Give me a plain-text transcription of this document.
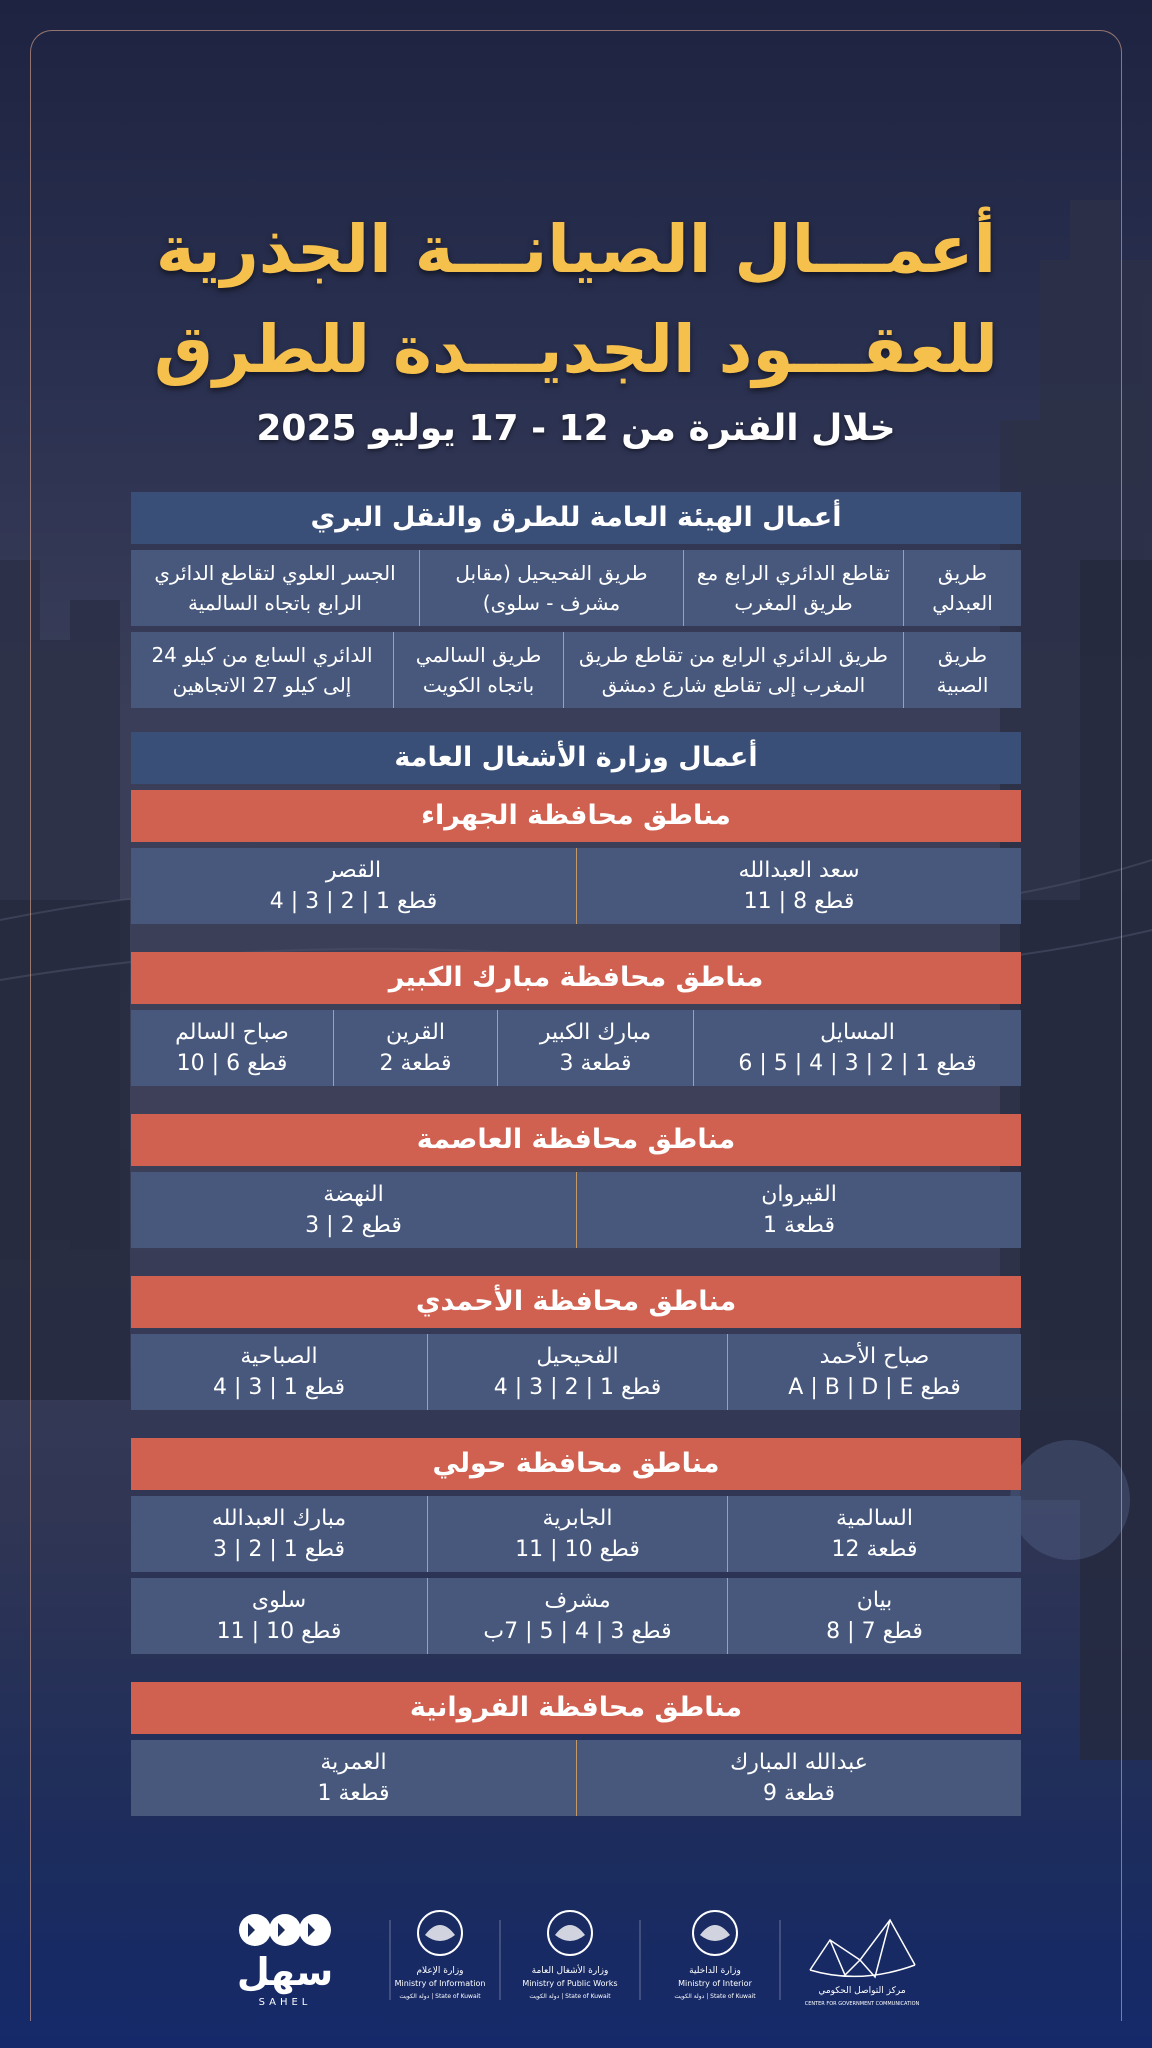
أعمـــال الصيانـــة الجذرية
للعقـــود الجديـــدة للطرق
خلال الفترة من 12 - 17 يوليو 2025
أعمال الهيئة العامة للطرق والنقل البري
طريق العبدلي
تقاطع الدائري الرابع مع طريق المغرب
طريق الفحيحيل (مقابل مشرف - سلوى)
الجسر العلوي لتقاطع الدائري الرابع باتجاه السالمية
طريق الصبية
طريق الدائري الرابع من تقاطع طريق المغرب إلى تقاطع شارع دمشق
طريق السالمي باتجاه الكويت
الدائري السابع من كيلو 24 إلى كيلو 27 الاتجاهين
أعمال وزارة الأشغال العامة
مناطق محافظة الجهراء
سعد العبدالله
قطع 8 | 11
القصر
قطع 1 | 2 | 3 | 4
مناطق محافظة مبارك الكبير
المسايل
قطع 1 | 2 | 3 | 4 | 5 | 6
مبارك الكبير
قطعة 3
القرين
قطعة 2
صباح السالم
قطع 6 | 10
مناطق محافظة العاصمة
القيروان
قطعة 1
النهضة
قطع 2 | 3
مناطق محافظة الأحمدي
صباح الأحمد
قطع A | B | D | E
الفحيحيل
قطع 1 | 2 | 3 | 4
الصباحية
قطع 1 | 3 | 4
مناطق محافظة حولي
السالمية
قطعة 12
الجابرية
قطع 10 | 11
مبارك العبدالله
قطع 1 | 2 | 3
بيان
قطع 7 | 8
مشرف
قطع 3 | 4 | 5 | 7ب
سلوى
قطع 10 | 11
مناطق محافظة الفروانية
عبدالله المبارك
قطعة 9
العمرية
قطعة 1
سهل
SAHEL
وزارة الإعلام
Ministry of Information
State of Kuwait | دولة الكويت
وزارة الأشغال العامة
Ministry of Public Works
State of Kuwait | دولة الكويت
وزارة الداخلية
Ministry of Interior
State of Kuwait | دولة الكويت
مركز التواصل الحكومي
CENTER FOR GOVERNMENT COMMUNICATION
